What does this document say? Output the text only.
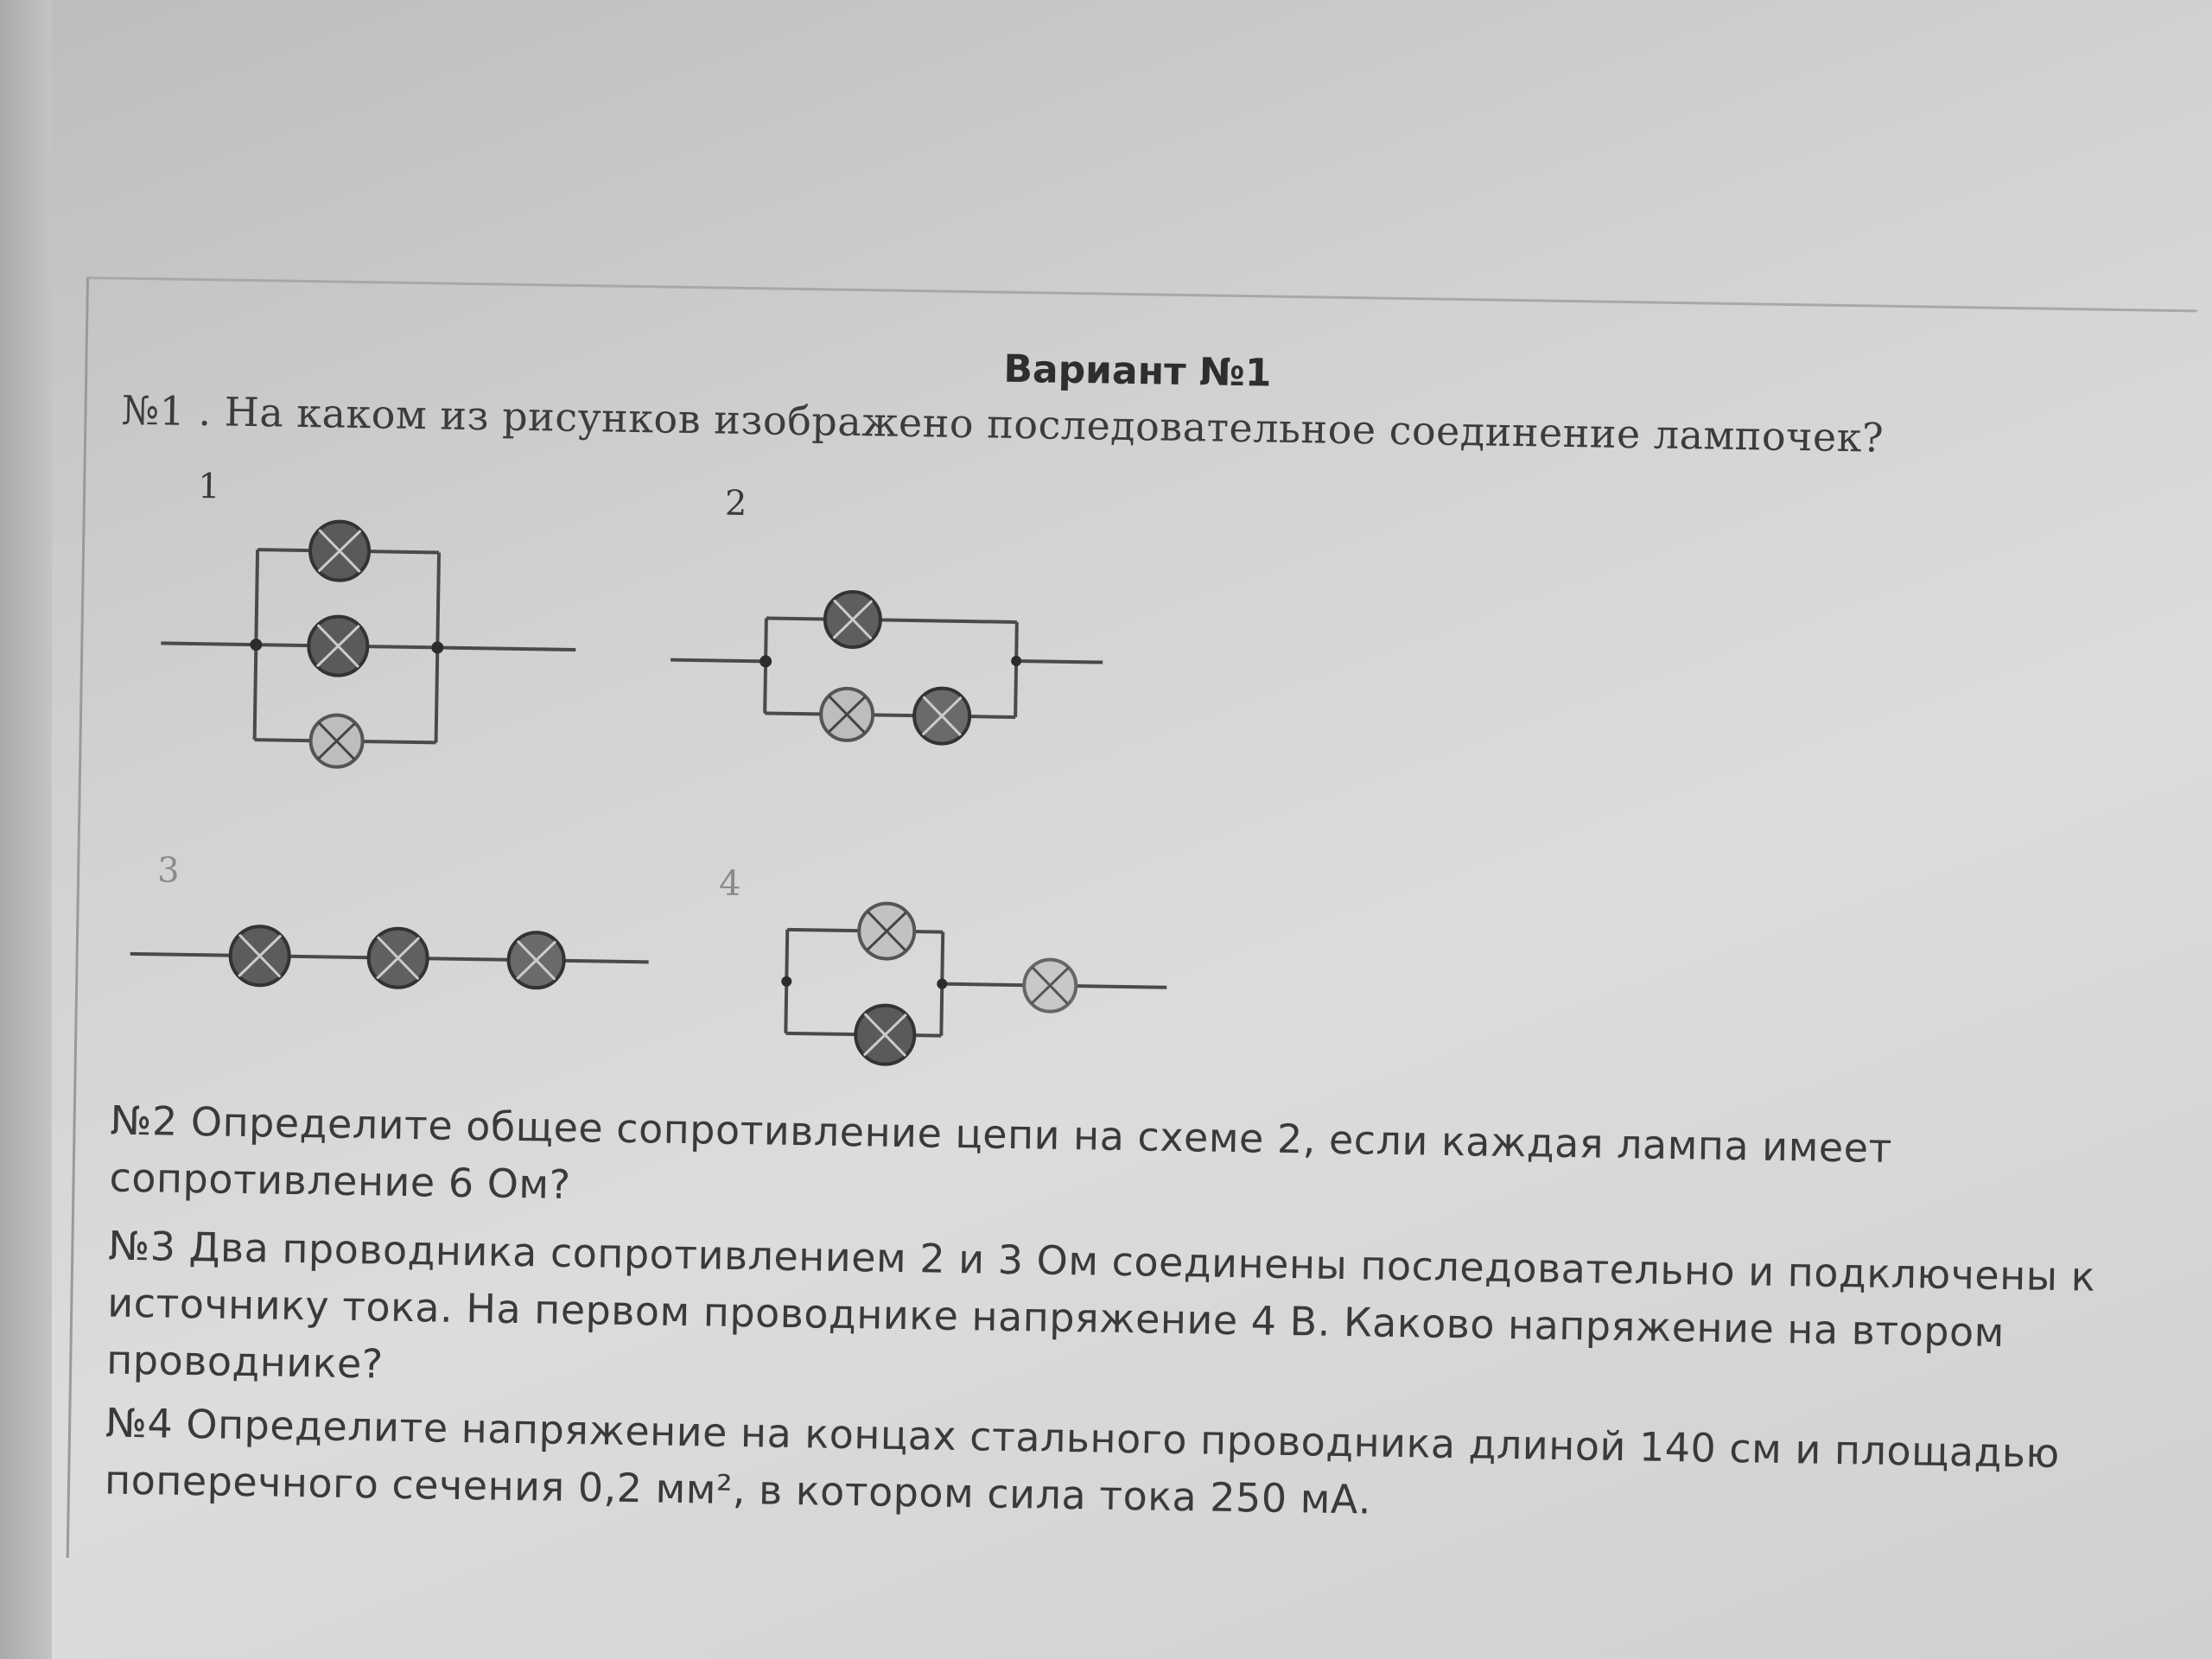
Вариант №1
№1 . На каком из рисунков изображено последовательное соединение лампочек?
1	2
3	4
№2 Определите общее сопротивление цепи на схеме 2, если каждая лампа имеет сопротивление 6 Ом?
№3 Два проводника сопротивлением 2 и 3 Ом соединены последовательно и подключены к источнику тока. На первом проводнике напряжение 4 В. Каково напряжение на втором проводнике?
№4 Определите напряжение на концах стального проводника длиной 140 см и площадью поперечного сечения 0,2 мм², в котором сила тока 250 мА.
